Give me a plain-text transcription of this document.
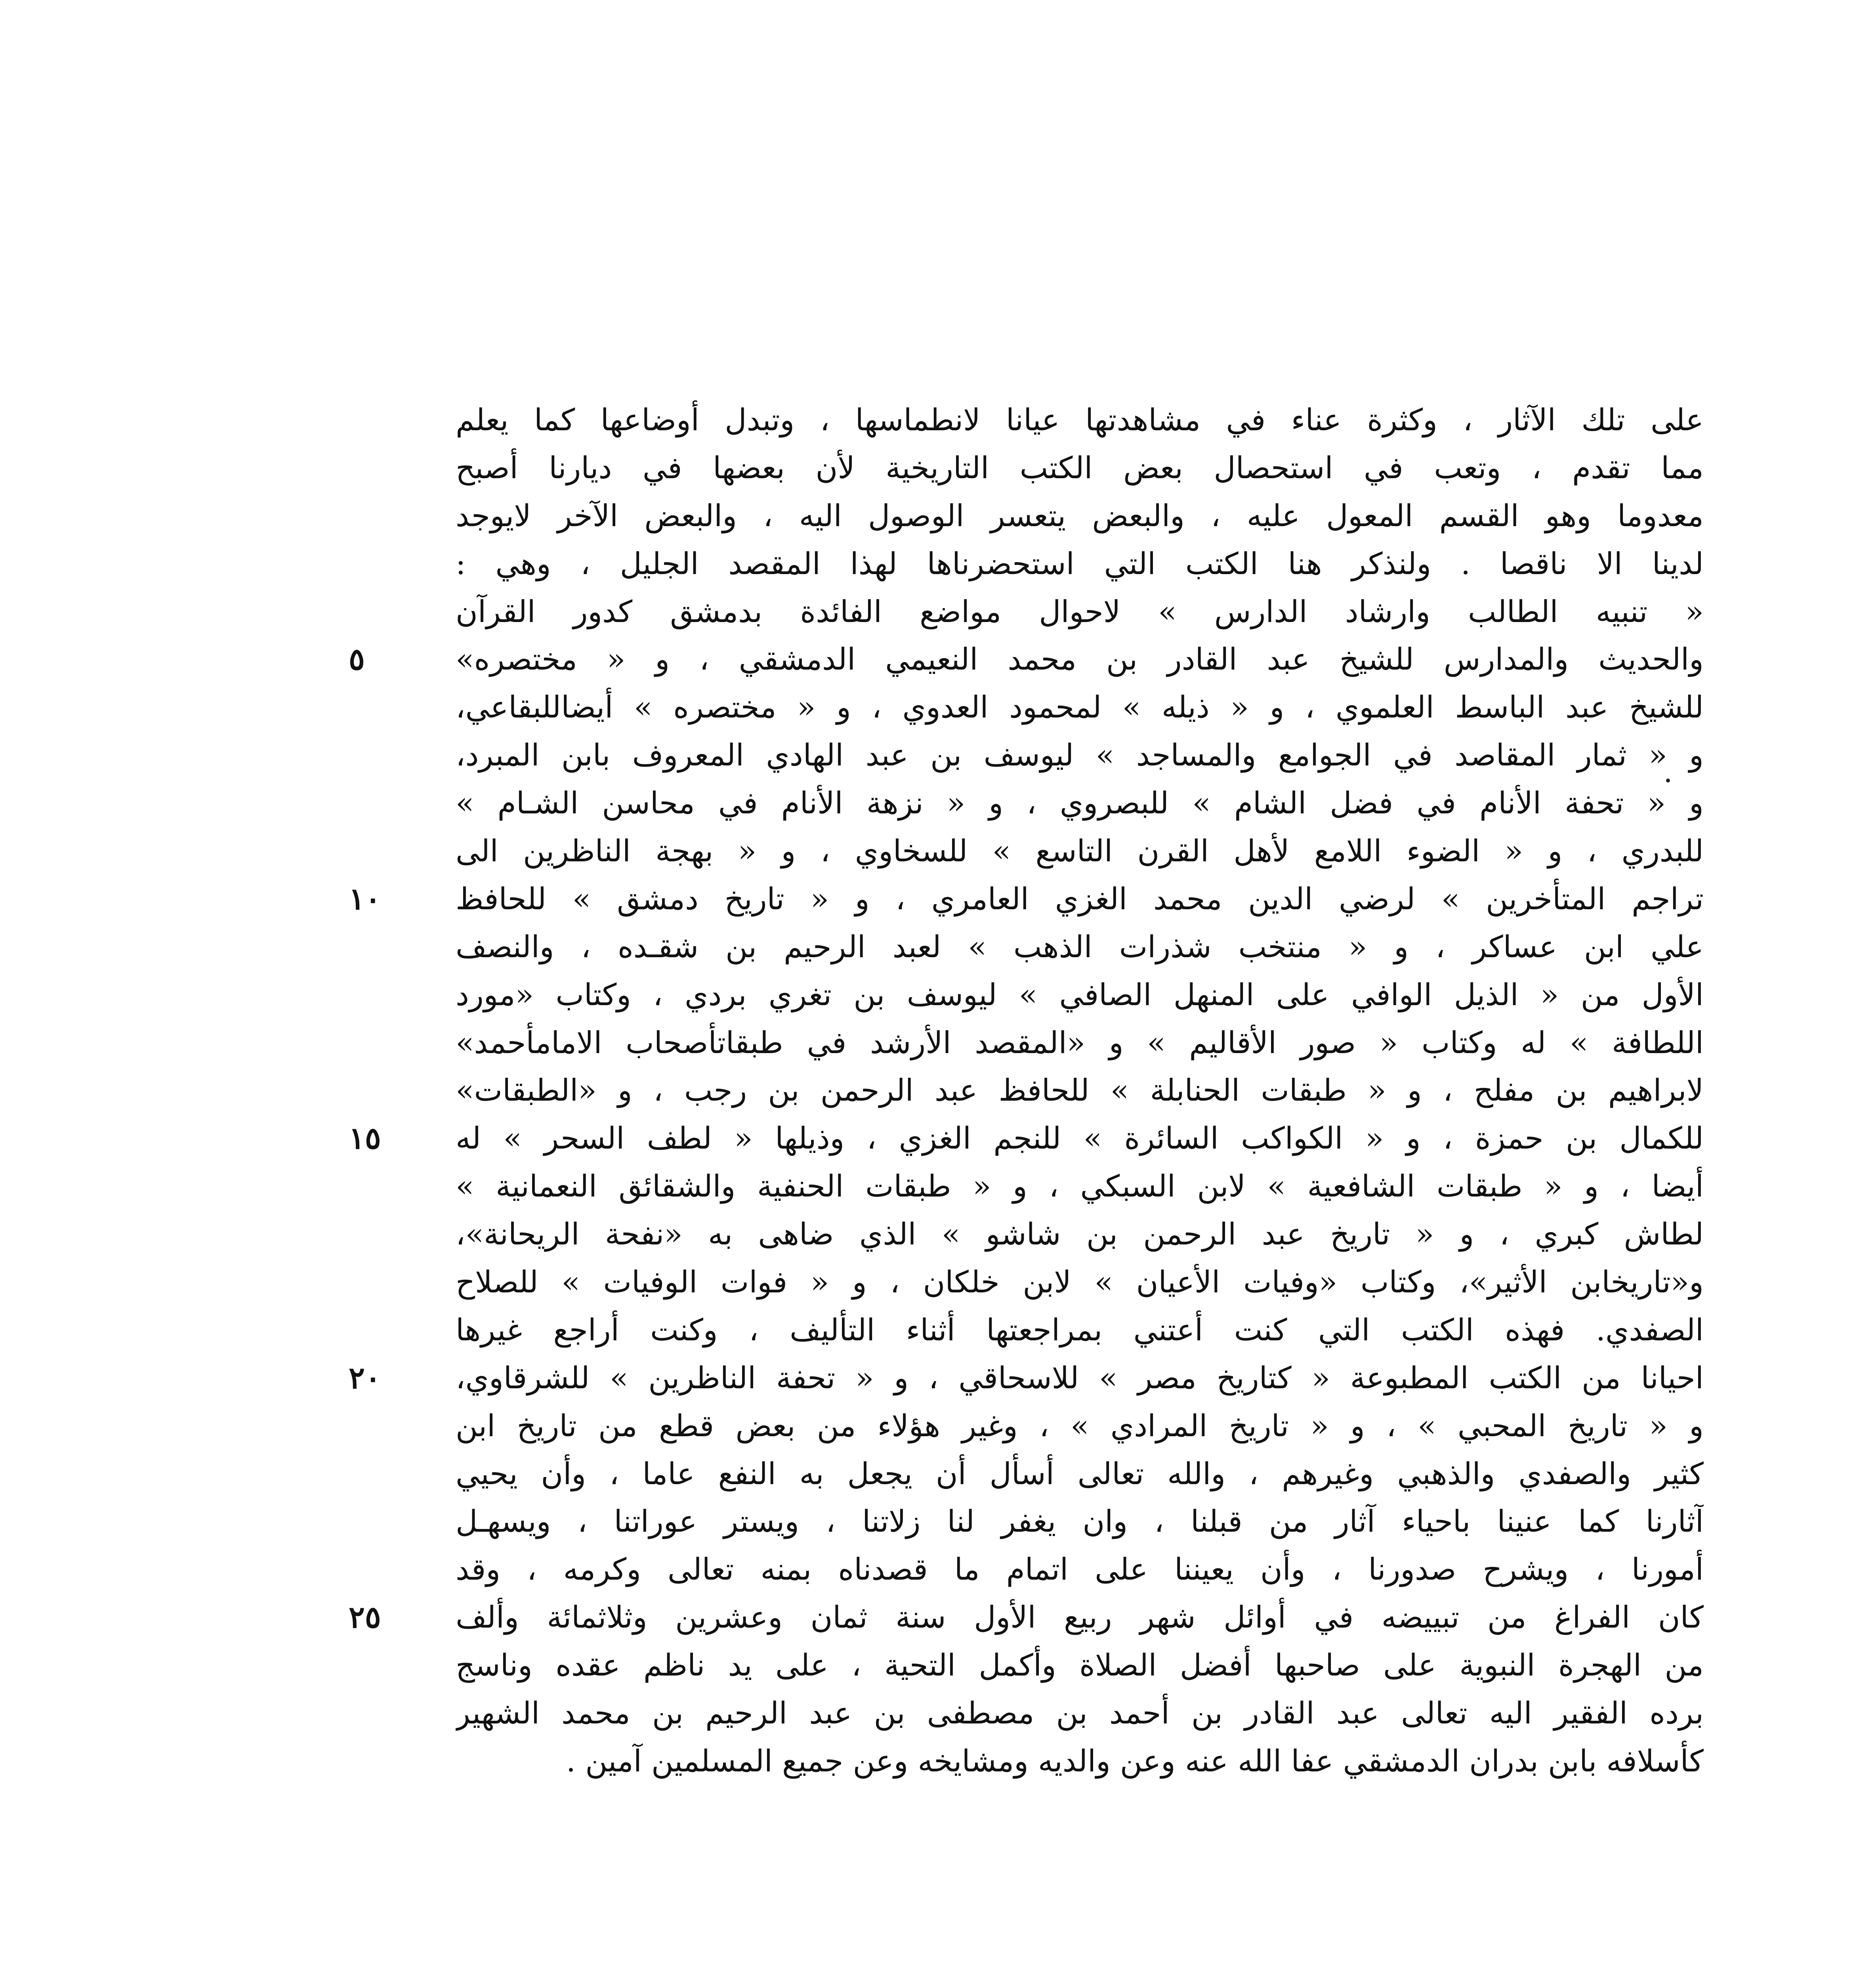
على تلك الآثار ، وكثرة عناء في مشاهدتها عيانا لانطماسها ، وتبدل أوضاعها كما يعلم
مما تقدم ، وتعب في استحصال بعض الكتب التاريخية لأن بعضها في ديارنا أصبح
معدوما وهو القسم المعول عليه ، والبعض يتعسر الوصول اليه ، والبعض الآخر لايوجد
لدينا الا ناقصا . ولنذكر هنا الكتب التي استحضرناها لهذا المقصد الجليل ، وهي :
« تنبيه الطالب وارشاد الدارس » لاحوال مواضع الفائدة بدمشق كدور القرآن
والحديث والمدارس للشيخ عبد القادر بن محمد النعيمي الدمشقي ، و « مختصره»
للشيخ عبد الباسط العلموي ، و « ذيله » لمحمود العدوي ، و « مختصره » أيضاللبقاعي،
و « ثمار المقاصد في الجوامع والمساجد » ليوسف بن عبد الهادي المعروف بابن المبرد،
و « تحفة الأنام في فضل الشام » للبصروي ، و « نزهة الأنام في محاسن الشـام »
للبدري ، و « الضوء اللامع لأهل القرن التاسع » للسخاوي ، و « بهجة الناظرين الى
تراجم المتأخرين » لرضي الدين محمد الغزي العامري ، و « تاريخ دمشق » للحافظ
علي ابن عساكر ، و « منتخب شذرات الذهب » لعبد الرحيم بن شقـده ، والنصف
الأول من « الذيل الوافي على المنهل الصافي » ليوسف بن تغري بردي ، وكتاب «مورد
اللطافة » له وكتاب « صور الأقاليم » و «المقصد الأرشد في طبقاتأصحاب الامامأحمد»
لابراهيم بن مفلح ، و « طبقات الحنابلة » للحافظ عبد الرحمن بن رجب ، و «الطبقات»
للكمال بن حمزة ، و « الكواكب السائرة » للنجم الغزي ، وذيلها « لطف السحر » له
أيضا ، و « طبقات الشافعية » لابن السبكي ، و « طبقات الحنفية والشقائق النعمانية »
لطاش كبري ، و « تاريخ عبد الرحمن بن شاشو » الذي ضاهى به «نفحة الريحانة»،
و«تاريخابن الأثير»، وكتاب «وفيات الأعيان » لابن خلكان ، و « فوات الوفيات » للصلاح
الصفدي. فهذه الكتب التي كنت أعتني بمراجعتها أثناء التأليف ، وكنت أراجع غيرها
احيانا من الكتب المطبوعة « كتاريخ مصر » للاسحاقي ، و « تحفة الناظرين » للشرقاوي،
و « تاريخ المحبي » ، و « تاريخ المرادي » ، وغير هؤلاء من بعض قطع من تاريخ ابن
كثير والصفدي والذهبي وغيرهم ، والله تعالى أسأل أن يجعل به النفع عاما ، وأن يحيي
آثارنا كما عنينا باحياء آثار من قبلنا ، وان يغفر لنا زلاتنا ، ويستر عوراتنا ، ويسهـل
أمورنا ، ويشرح صدورنا ، وأن يعيننا على اتمام ما قصدناه بمنه تعالى وكرمه ، وقد
كان الفراغ من تبييضه في أوائل شهر ربيع الأول سنة ثمان وعشرين وثلاثمائة وألف
من الهجرة النبوية على صاحبها أفضل الصلاة وأكمل التحية ، على يد ناظم عقده وناسج
برده الفقير اليه تعالى عبد القادر بن أحمد بن مصطفى بن عبد الرحيم بن محمد الشهير
كأسلافه بابن بدران الدمشقي عفا الله عنه وعن والديه ومشايخه وعن جميع المسلمين آمين .
٥
١٠
١٥
٢٠
٢٥
